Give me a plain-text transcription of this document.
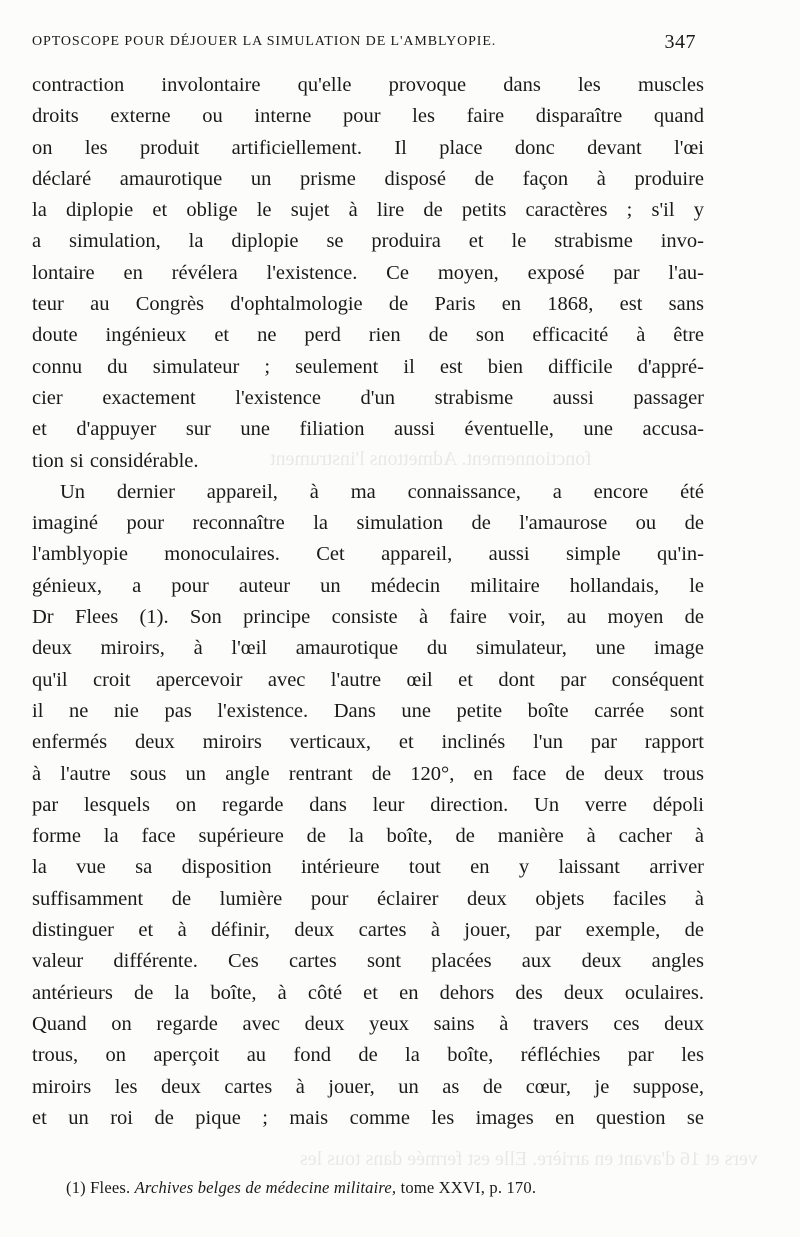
fonctionnement. Admettons l'instrument
vers et 16 d'avant en arrière. Elle est fermée dans tous les
OPTOSCOPE POUR DÉJOUER LA SIMULATION DE L'AMBLYOPIE.	347
contraction involontaire qu'elle provoque dans les muscles
droits externe ou interne pour les faire disparaître quand
on les produit artificiellement. Il place donc devant l'œi
déclaré amaurotique un prisme disposé de façon à produire
la diplopie et oblige le sujet à lire de petits caractères ; s'il y
a simulation, la diplopie se produira et le strabisme invo-
lontaire en révélera l'existence. Ce moyen, exposé par l'au-
teur au Congrès d'ophtalmologie de Paris en 1868, est sans
doute ingénieux et ne perd rien de son efficacité à être
connu du simulateur ; seulement il est bien difficile d'appré-
cier exactement l'existence d'un strabisme aussi passager
et d'appuyer sur une filiation aussi éventuelle, une accusa-
tion si considérable.
Un dernier appareil, à ma connaissance, a encore été
imaginé pour reconnaître la simulation de l'amaurose ou de
l'amblyopie monoculaires. Cet appareil, aussi simple qu'in-
génieux, a pour auteur un médecin militaire hollandais, le
Dr Flees (1). Son principe consiste à faire voir, au moyen de
deux miroirs, à l'œil amaurotique du simulateur, une image
qu'il croit apercevoir avec l'autre œil et dont par conséquent
il ne nie pas l'existence. Dans une petite boîte carrée sont
enfermés deux miroirs verticaux, et inclinés l'un par rapport
à l'autre sous un angle rentrant de 120°, en face de deux trous
par lesquels on regarde dans leur direction. Un verre dépoli
forme la face supérieure de la boîte, de manière à cacher à
la vue sa disposition intérieure tout en y laissant arriver
suffisamment de lumière pour éclairer deux objets faciles à
distinguer et à définir, deux cartes à jouer, par exemple, de
valeur différente. Ces cartes sont placées aux deux angles
antérieurs de la boîte, à côté et en dehors des deux oculaires.
Quand on regarde avec deux yeux sains à travers ces deux
trous, on aperçoit au fond de la boîte, réfléchies par les
miroirs les deux cartes à jouer, un as de cœur, je suppose,
et un roi de pique ; mais comme les images en question se
(1) Flees. Archives belges de médecine militaire, tome XXVI, p. 170.
